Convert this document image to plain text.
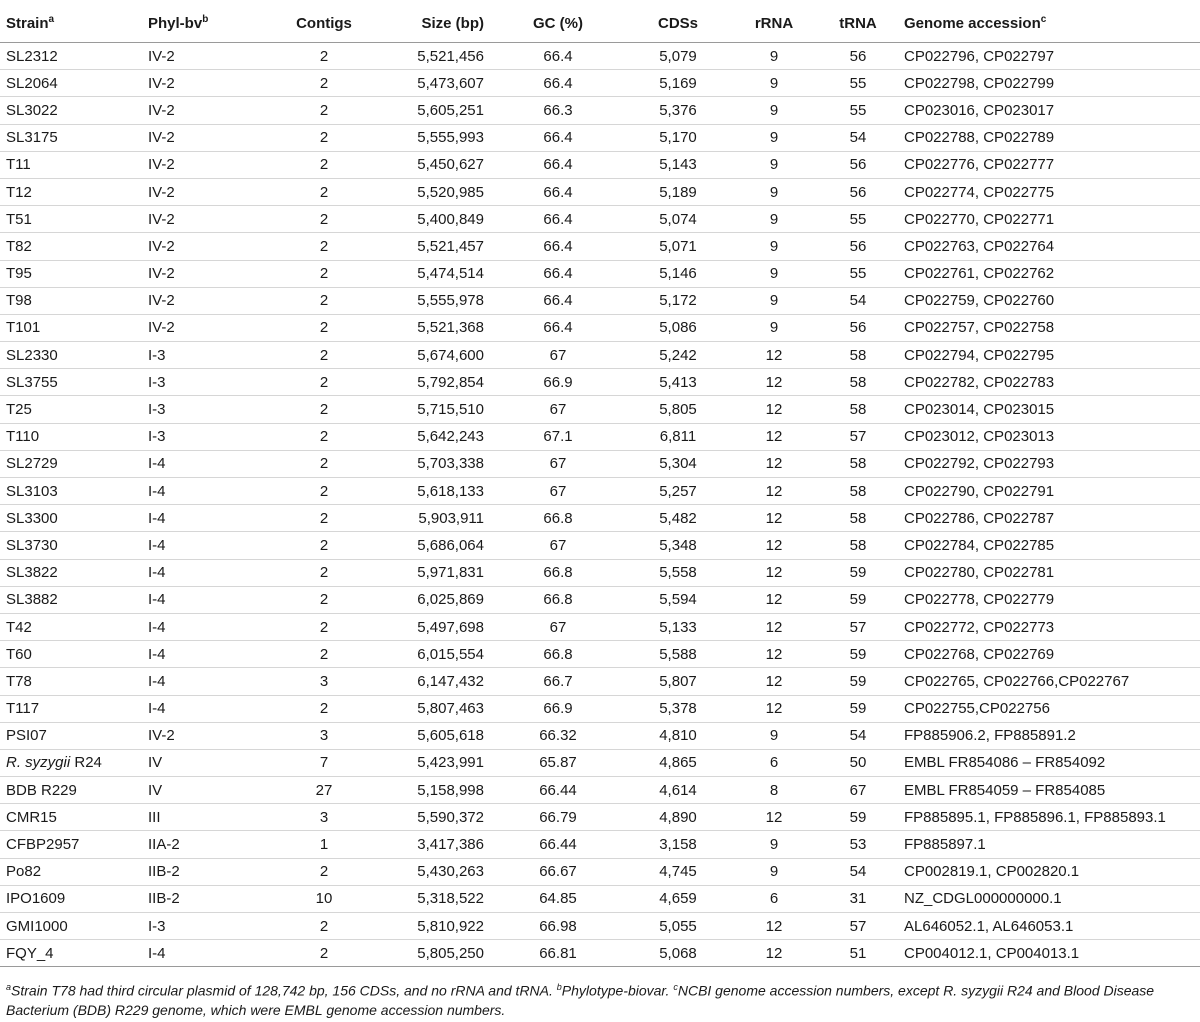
Strain$^a$	Phyl-$bv^b$	Contigs	Size (bp)	GC (%)	CDSs	rRNA	tRNA	Genome accession$^c$
SL2312	IV-2	2	5,521,456	66.4	5,079	9	56	CP022796, CP022797
SL2064	IV-2	2	5,473,607	66.4	5,169	9	55	CP022798, CP022799
SL3022	IV-2	2	5,605,251	66.3	5,376	9	55	CP023016, CP023017
SL3175	IV-2	2	5,555,993	66.4	5,170	9	54	CP022788, CP022789
T11	IV-2	2	5,450,627	66.4	5,143	9	56	CP022776, CP022777
T12	IV-2	2	5,520,985	66.4	5,189	9	56	CP022774, CP022775
T51	IV-2	2	5,400,849	66.4	5,074	9	55	CP022770, CP022771
T82	IV-2	2	5,521,457	66.4	5,071	9	56	CP022763, CP022764
T95	IV-2	2	5,474,514	66.4	5,146	9	55	CP022761, CP022762
T98	IV-2	2	5,555,978	66.4	5,172	9	54	CP022759, CP022760
T101	IV-2	2	5,521,368	66.4	5,086	9	56	CP022757, CP022758
SL2330	I-3	2	5,674,600	67	5,242	12	58	CP022794, CP022795
SL3755	I-3	2	5,792,854	66.9	5,413	12	58	CP022782, CP022783
T25	I-3	2	5,715,510	67	5,805	12	58	CP023014, CP023015
T110	I-3	2	5,642,243	67.1	6,811	12	57	CP023012, CP023013
SL2729	I-4	2	5,703,338	67	5,304	12	58	CP022792, CP022793
SL3103	I-4	2	5,618,133	67	5,257	12	58	CP022790, CP022791
SL3300	I-4	2	5,903,911	66.8	5,482	12	58	CP022786, CP022787
SL3730	I-4	2	5,686,064	67	5,348	12	58	CP022784, CP022785
SL3822	I-4	2	5,971,831	66.8	5,558	12	59	CP022780, CP022781
SL3882	I-4	2	6,025,869	66.8	5,594	12	59	CP022778, CP022779
T42	I-4	2	5,497,698	67	5,133	12	57	CP022772, CP022773
T60	I-4	2	6,015,554	66.8	5,588	12	59	CP022768, CP022769
T78	I-4	3	6,147,432	66.7	5,807	12	59	CP022765, CP022766,CP022767
T117	I-4	2	5,807,463	66.9	5,378	12	59	CP022755,CP022756
PSI07	IV-2	3	5,605,618	66.32	4,810	9	54	FP885906.2, FP885891.2
R. syzygii R24	IV	7	5,423,991	65.87	4,865	6	50	EMBL FR854086 – FR854092
BDB R229	IV	27	5,158,998	66.44	4,614	8	67	EMBL FR854059 – FR854085
CMR15	III	3	5,590,372	66.79	4,890	12	59	FP885895.1, FP885896.1, FP885893.1
CFBP2957	IIA-2	1	3,417,386	66.44	3,158	9	53	FP885897.1
Po82	IIB-2	2	5,430,263	66.67	4,745	9	54	CP002819.1, CP002820.1
IPO1609	IIB-2	10	5,318,522	64.85	4,659	6	31	NZ_CDGL000000000.1
GMI1000	I-3	2	5,810,922	66.98	5,055	12	57	AL646052.1, AL646053.1
FQY_4	I-4	2	5,805,250	66.81	5,068	12	51	CP004012.1, CP004013.1
$^a$Strain T78 had third circular plasmid of 128,742 bp, 156 CDSs, and no rRNA and tRNA. $^b$Phylotype-biovar. $^c$NCBI genome accession numbers, except R. syzygii R24 and Blood Disease Bacterium (BDB) R229 genome, which were EMBL genome accession numbers.
